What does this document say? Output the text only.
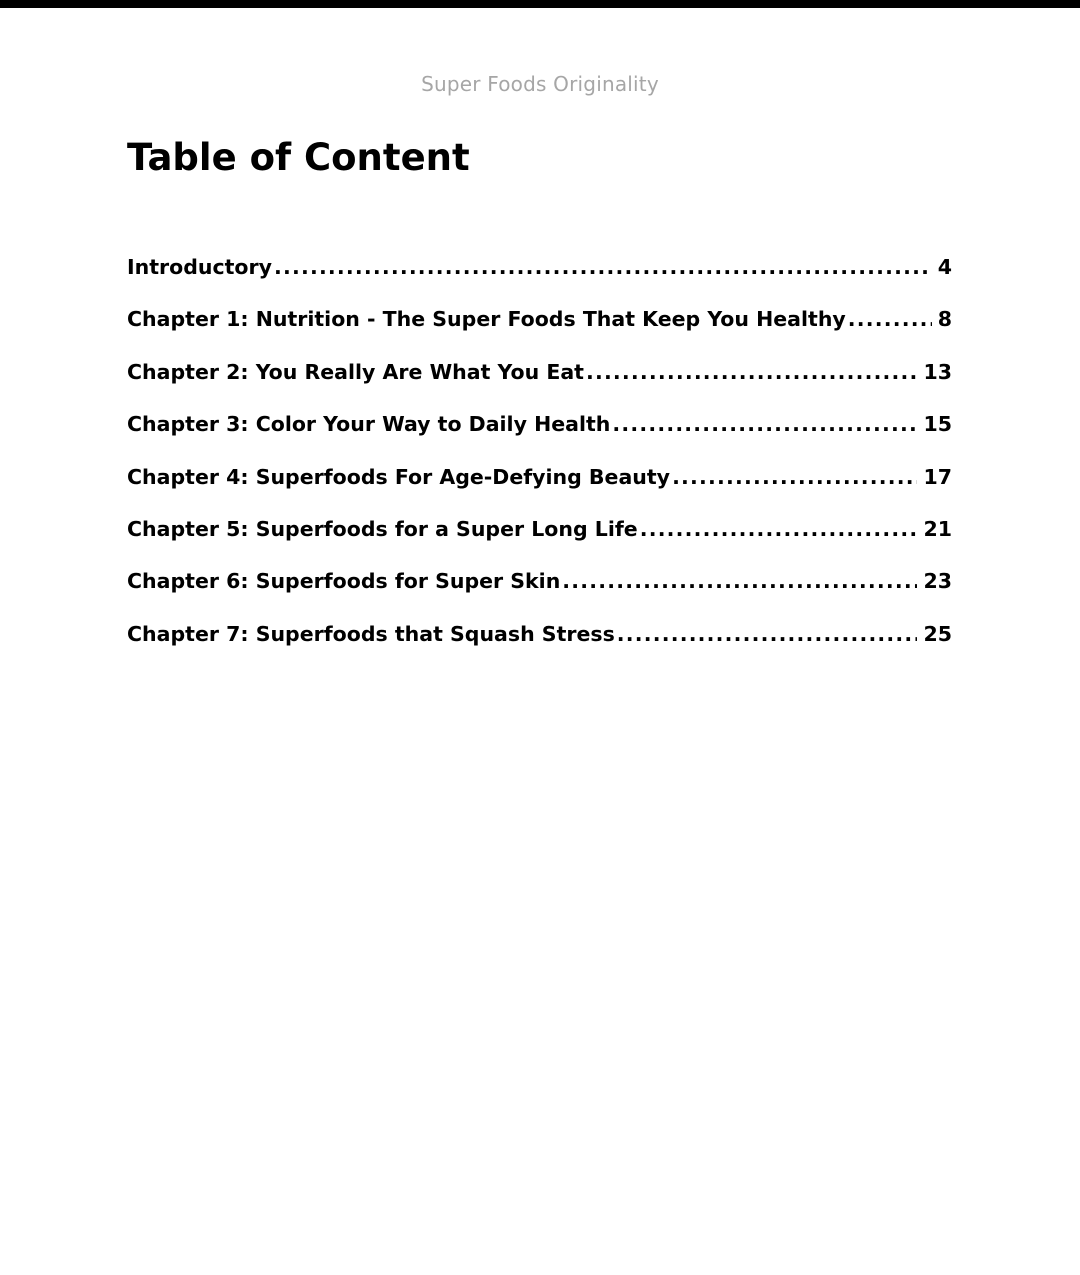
Super Foods Originality
Table of Content
Introductory .....	4
Chapter 1: Nutrition - The Super Foods That Keep You Healthy .....	8
Chapter 2: You Really Are What You Eat .....	13
Chapter 3: Color Your Way to Daily Health .....	15
Chapter 4: Superfoods For Age-Defying Beauty .....	17
Chapter 5: Superfoods for a Super Long Life .....	21
Chapter 6: Superfoods for Super Skin .....	23
Chapter 7: Superfoods that Squash Stress .....	25
